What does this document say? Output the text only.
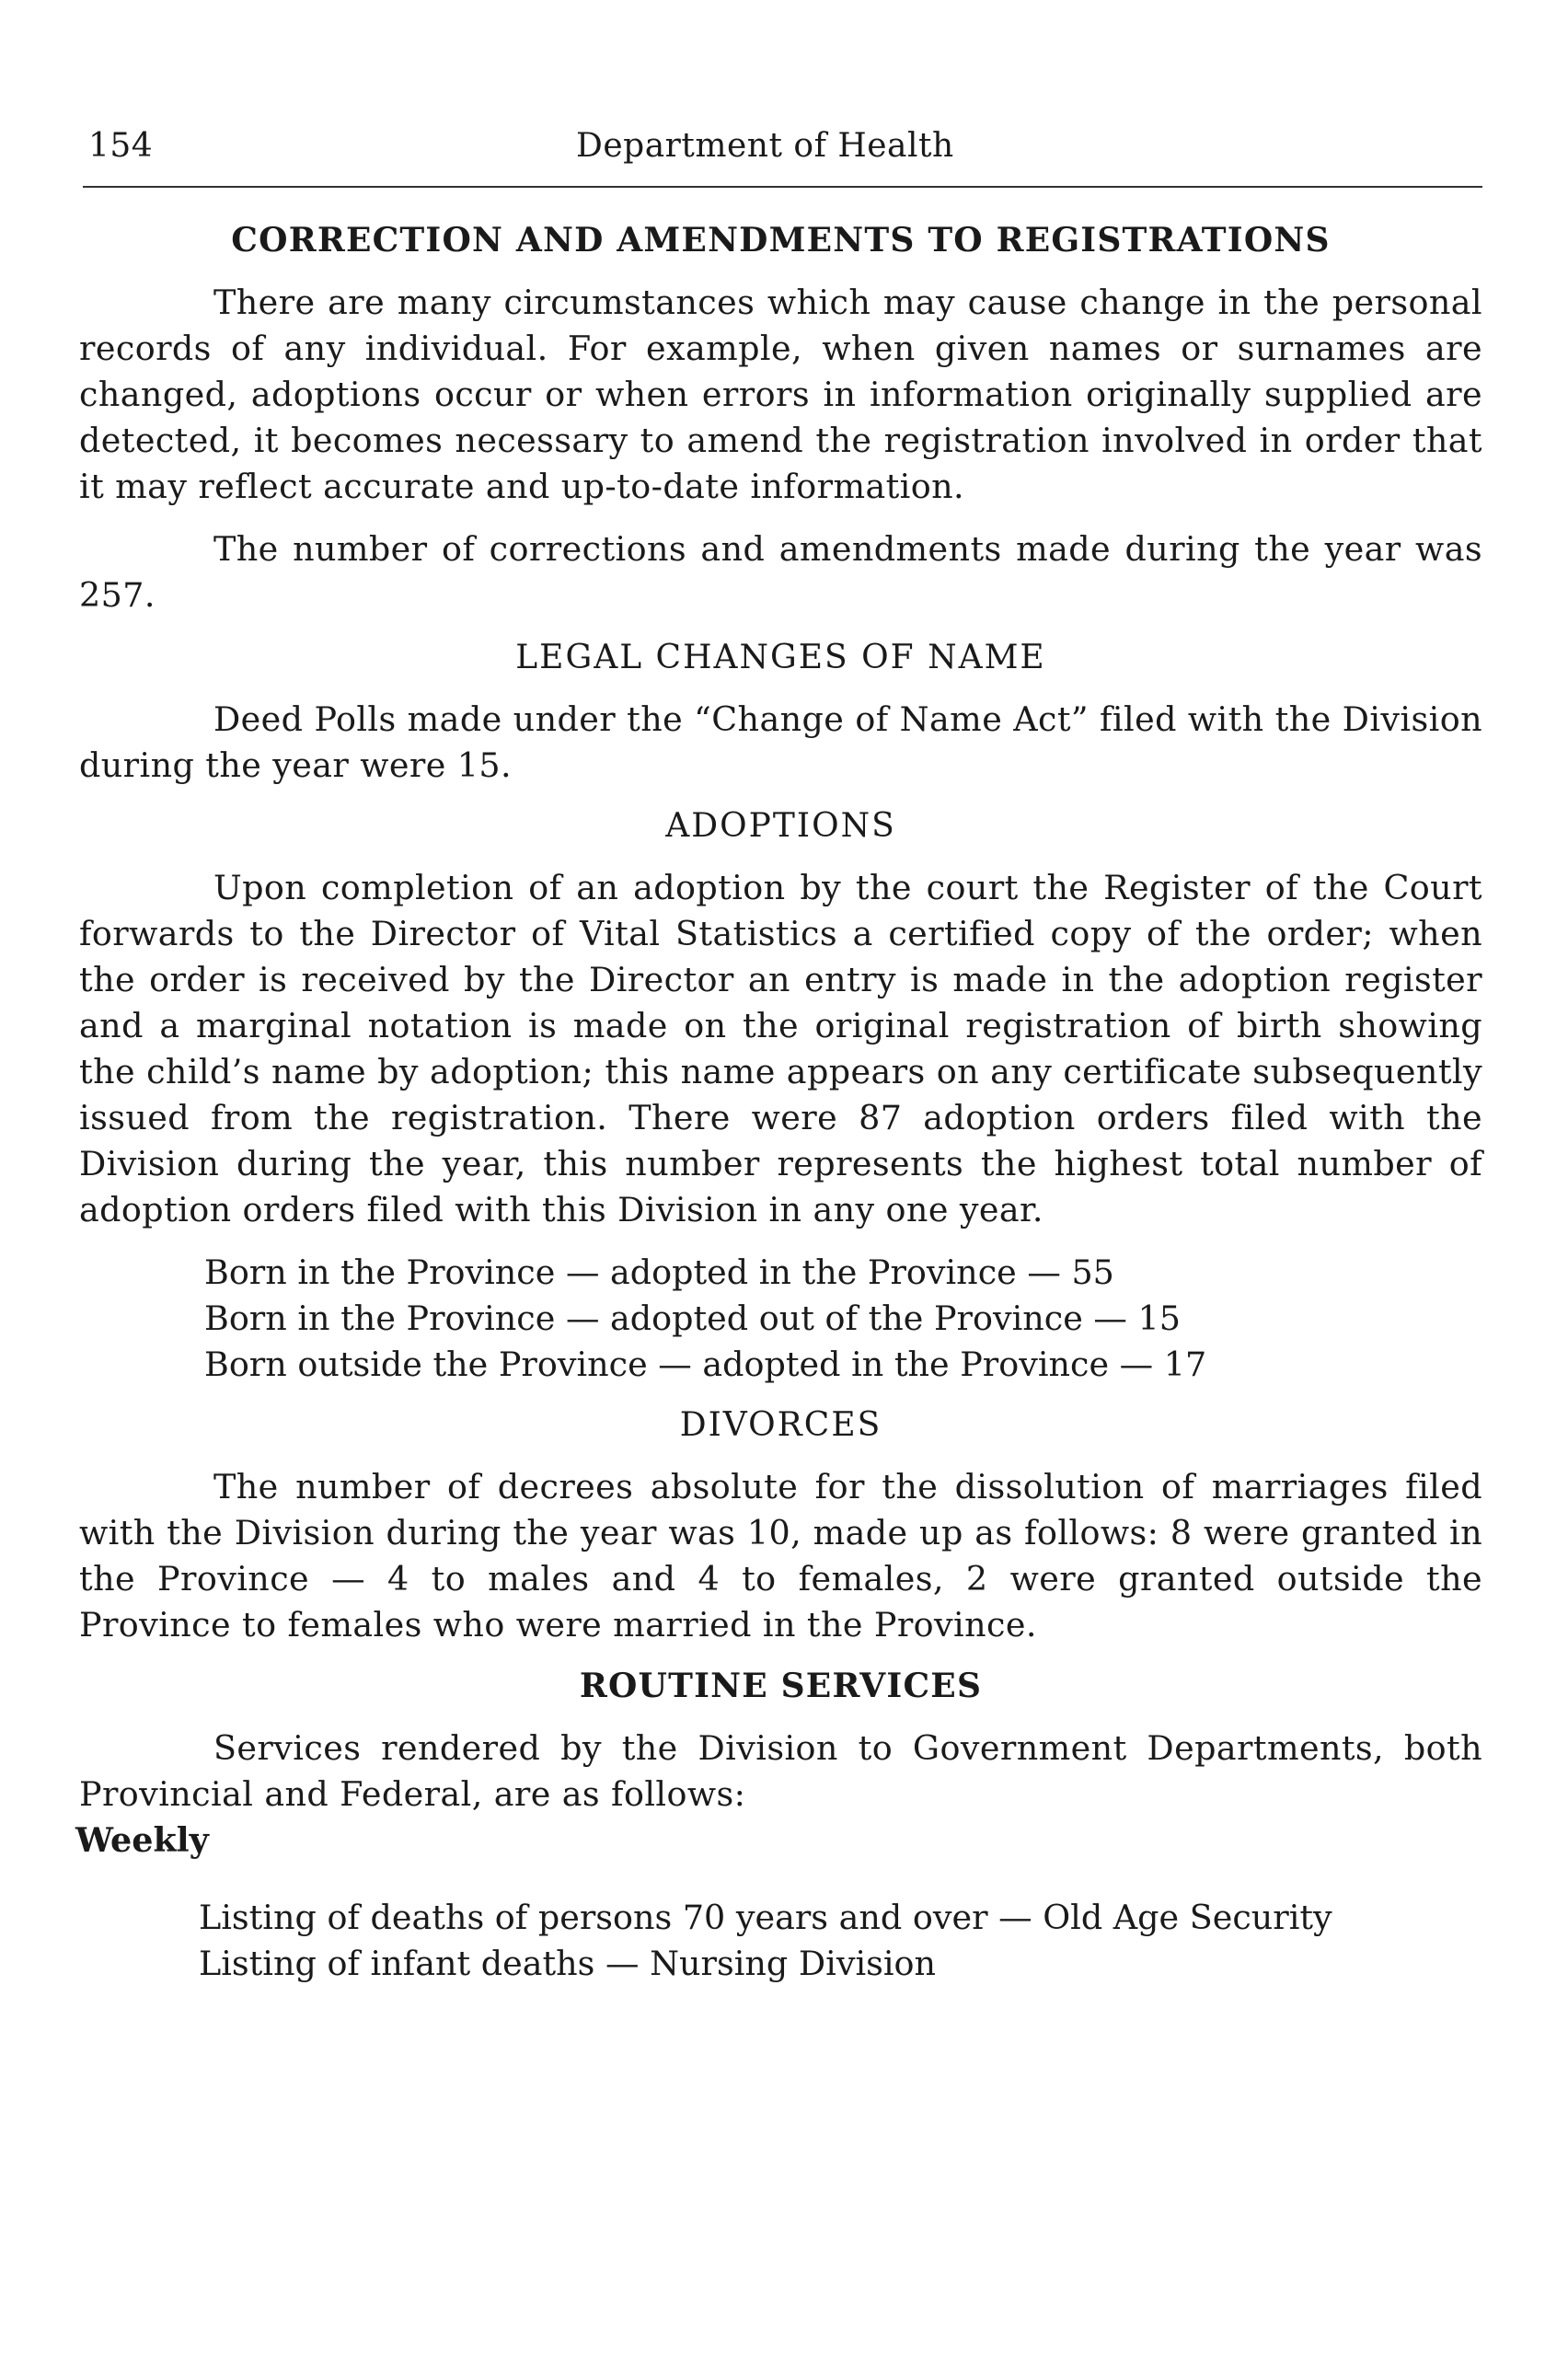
154	Department of Health
CORRECTION AND AMENDMENTS TO REGISTRATIONS

There are many circumstances which may cause change in the personal records of any individual. For example, when given names or surnames are changed, adoptions occur or when errors in information originally supplied are detected, it becomes necessary to amend the registration involved in order that it may reflect accurate and up-to-date information.

The number of corrections and amendments made during the year was 257.

LEGAL CHANGES OF NAME

Deed Polls made under the “Change of Name Act” filed with the Division during the year were 15.

ADOPTIONS

Upon completion of an adoption by the court the Register of the Court forwards to the Director of Vital Statistics a certified copy of the order; when the order is received by the Director an entry is made in the adoption register and a marginal notation is made on the original registration of birth showing the child’s name by adoption; this name appears on any certificate subsequently issued from the registration. There were 87 adoption orders filed with the Division during the year, this number represents the highest total number of adoption orders filed with this Division in any one year.

Born in the Province — adopted in the Province — 55
Born in the Province — adopted out of the Province — 15
Born outside the Province — adopted in the Province — 17
DIVORCES

The number of decrees absolute for the dissolution of marriages filed with the Division during the year was 10, made up as follows: 8 were granted in the Province — 4 to males and 4 to females, 2 were granted outside the Province to females who were married in the Province.

ROUTINE SERVICES

Services rendered by the Division to Government Departments, both Provincial and Federal, are as follows:

Weekly
Listing of deaths of persons 70 years and over — Old Age Security
Listing of infant deaths — Nursing Division
